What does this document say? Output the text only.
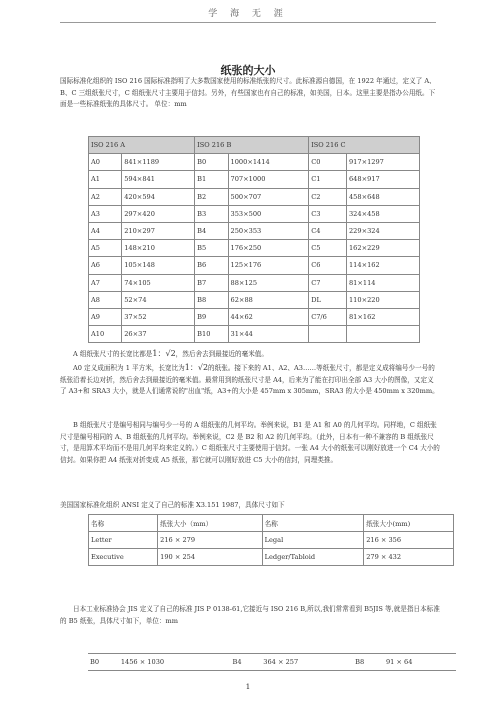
学 海 无 涯
纸张的大小
国际标准化组织的 ISO 216 国际标准指明了大多数国家使用的标准纸张的尺寸。此标准源自德国，在 1922 年通过，定义了 A、B、C 三组纸张尺寸，C 组纸张尺寸主要用于信封。另外，有些国家也有自己的标准，如美国，日本。这里主要是指办公用纸。下面是一些标准纸张的具体尺寸。 单位：mm
ISO 216 A		ISO 216 B		ISO 216 C	
A0	841×1189	B0	1000×1414	C0	917×1297
A1	594×841	B1	707×1000	C1	648×917
A2	420×594	B2	500×707	C2	458×648
A3	297×420	B3	353×500	C3	324×458
A4	210×297	B4	250×353	C4	229×324
A5	148×210	B5	176×250	C5	162×229
A6	105×148	B6	125×176	C6	114×162
A7	74×105	B7	88×125	C7	81×114
A8	52×74	B8	62×88	DL	110×220
A9	37×52	B9	44×62	C7/6	81×162
A10	26×37	B10	31×44		
A 组纸张尺寸的长宽比都是1：√2，然后舍去到最接近的毫米值。
A0 定义成面积为 1 平方米，长宽比为1：√2的纸张。接下来的 A1、A2、A3……等纸张尺寸，都是定义成将编号少一号的纸张沿着长边对折，然后舍去到最接近的毫米值。最常用到的纸张尺寸是 A4，后来为了能在打印出全部 A3 大小的图像，又定义了 A3+和 SRA3 大小，就是人们通常说的"出血"纸，A3+的大小是 457mm x 305mm，SRA3 的大小是 450mm x 320mm。
B 组纸张尺寸是编号相同与编号少一号的 A 组纸张的几何平均。举例来说，B1 是 A1 和 A0 的几何平均。同样地，C 组纸张尺寸是编号相同的 A、B 组纸张的几何平均。举例来说，C2 是 B2 和 A2 的几何平均。（此外，日本有一种不兼容的 B 组纸张尺寸，是用算术平均而不是用几何平均来定义的。）C 组纸张尺寸主要使用于信封。一张 A4 大小的纸张可以刚好放进一个 C4 大小的信封。如果你把 A4 纸张对折变成 A5 纸张，那它就可以刚好放进 C5 大小的信封，同理类推。
美国国家标准化组织 ANSI 定义了自己的标准 X3.151 1987，具体尺寸如下
名称	纸张大小（mm）	名称	纸张大小(mm)
Letter	216 × 279	Legal	216 × 356
Executive	190 × 254	Ledger/Tabloid	279 × 432
日本工业标准协会 JIS 定义了自己的标准 JIS P 0138-61,它接近与 ISO 216 B,所以,我们常常看到 B5JIS 等,就是指日本标准的 B5 纸张，具体尺寸如下，单位：mm
B0	1456 × 1030	B4	364 × 257	B8	91 × 64
1
